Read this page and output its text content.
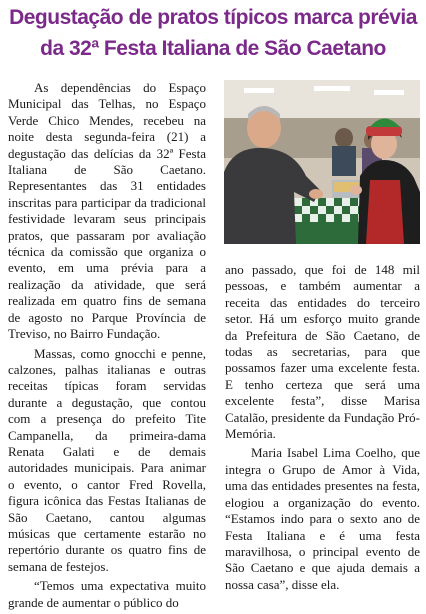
Degustação de pratos típicos marca prévia
da 32ª Festa Italiana de São Caetano

As dependências do Espaço Municipal das Telhas, no Espaço Verde Chico Mendes, recebeu na noite desta segunda-feira (21) a degustação das delícias da 32ª Festa Italiana de São Caetano. Representantes das 31 entidades inscritas para participar da tradicional festividade levaram seus principais pratos, que passaram por avaliação técnica da comissão que organiza o evento, em uma prévia para a realização da atividade, que será realizada em quatro fins de semana de agosto no Parque Província de Treviso, no Bairro Fundação.

Massas, como gnocchi e penne, calzones, palhas italianas e outras receitas típicas foram servidas durante a degustação, que contou com a presença do prefeito Tite Campanella, da primeira-dama Renata Galati e de demais autoridades municipais. Para animar o evento, o cantor Fred Rovella, figura icônica das Festas Italianas de São Caetano, cantou algumas músicas que certamente estarão no repertório durante os quatro fins de semana de festejos.

“Temos uma expectativa muito grande de aumentar o público do

ano passado, que foi de 148 mil pessoas, e também aumentar a receita das entidades do terceiro setor. Há um esforço muito grande da Prefeitura de São Caetano, de todas as secretarias, para que possamos fazer uma excelente festa. E tenho certeza que será uma excelente festa”, disse Marisa Catalão, presidente da Fundação Pró-Memória.

Maria Isabel Lima Coelho, que integra o Grupo de Amor à Vida, uma das entidades presentes na festa, elogiou a organização do evento. “Estamos indo para o sexto ano de Festa Italiana e é uma festa maravilhosa, o principal evento de São Caetano e que ajuda demais a nossa casa”, disse ela.
